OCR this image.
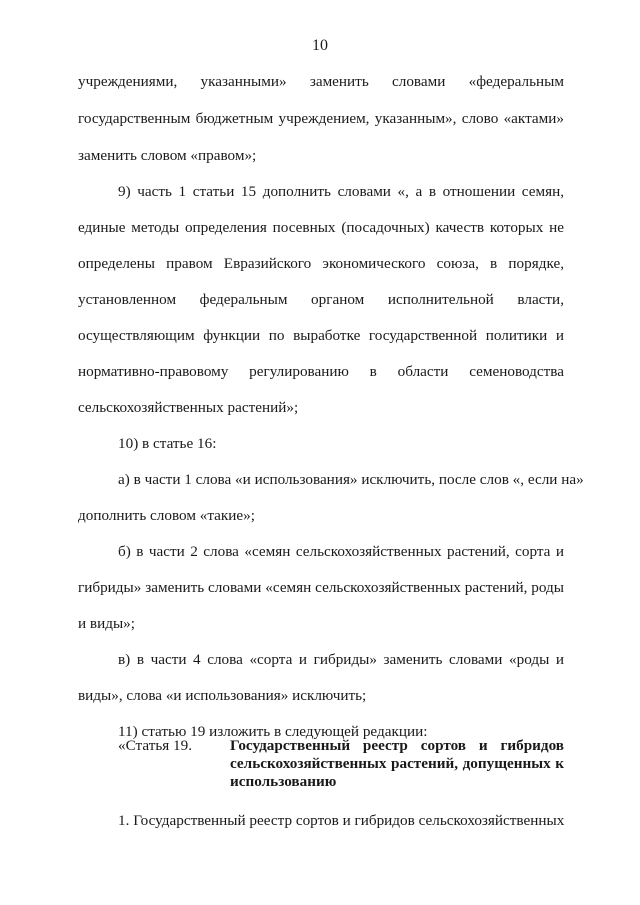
10
учреждениями, указанными» заменить словами «федеральным
государственным бюджетным учреждением, указанным», слово «актами»
заменить словом «правом»;
9) часть 1 статьи 15 дополнить словами «, а в отношении семян,
единые методы определения посевных (посадочных) качеств которых не
определены правом Евразийского экономического союза, в порядке,
установленном федеральным органом исполнительной власти,
осуществляющим функции по выработке государственной политики и
нормативно-правовому регулированию в области семеноводства
сельскохозяйственных растений»;
10) в статье 16:
а) в части 1 слова «и использования» исключить, после слов «, если на»
дополнить словом «такие»;
б) в части 2 слова «семян сельскохозяйственных растений, сорта и
гибриды» заменить словами «семян сельскохозяйственных растений, роды
и виды»;
в) в части 4 слова «сорта и гибриды» заменить словами «роды и
виды», слова «и использования» исключить;
11) статью 19 изложить в следующей редакции:
«Статья 19. Государственный реестр сортов и гибридов
сельскохозяйственных растений, допущенных к
использованию
1. Государственный реестр сортов и гибридов сельскохозяйственных
